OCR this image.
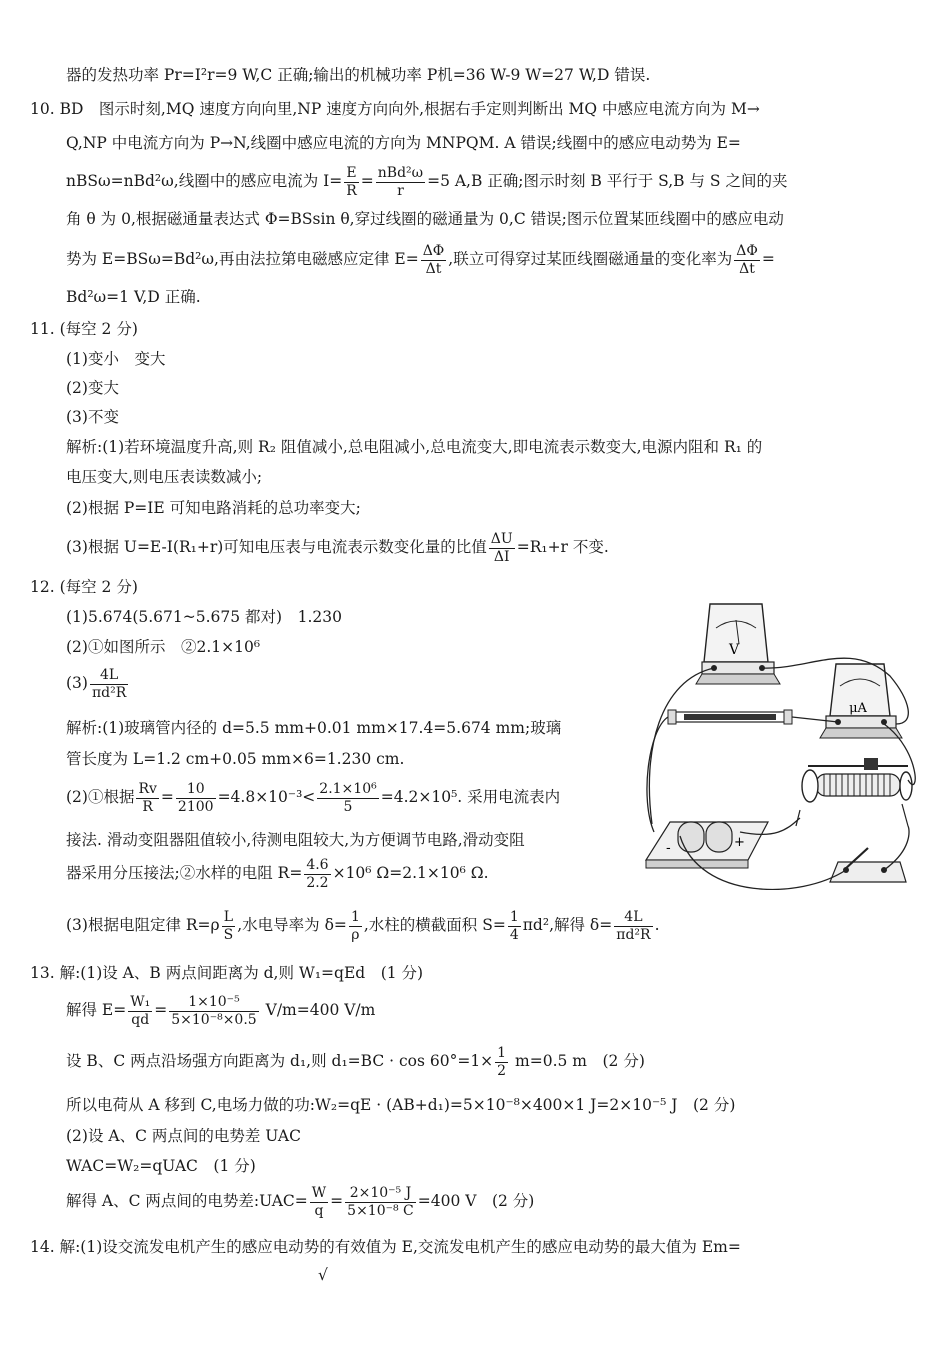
器的发热功率 Pr=I²r=9 W,C 正确;输出的机械功率 P机=36 W-9 W=27 W,D 错误.
10. BD　图示时刻,MQ 速度方向向里,NP 速度方向向外,根据右手定则判断出 MQ 中感应电流方向为 M→
Q,NP 中电流方向为 P→N,线圈中感应电流的方向为 MNPQM. A 错误;线圈中的感应电动势为 E=
nBSω=nBd²ω,线圈中的感应电流为 $I= \frac{E}{R} = \frac{\text{nBd²ω}}{r} =5$ A,B 正确;图示时刻 B 平行于 S,B 与 S 之间的夹
角 θ 为 0,根据磁通量表达式 Φ=BSsin θ,穿过线圈的磁通量为 0,C 错误;图示位置某匝线圈中的感应电动
势为 E=BSω=Bd²ω,再由法拉第电磁感应定律 $E= \frac{\Delta\Phi}{\Delta t}$ ,联立可得穿过某匝线圈磁通量的变化率为 $\frac{\Delta\Phi}{\Delta t}$ =
Bd²ω=1 V,D 正确.
11. (每空 2 分)
(1)变小　变大
(2)变大
(3)不变
解析:(1)若环境温度升高,则 R₂ 阻值减小,总电阻减小,总电流变大,即电流表示数变大,电源内阻和 R₁ 的
电压变大,则电压表读数减小;
(2)根据 P=IE 可知电路消耗的总功率变大;
(3)根据 U=E-I(R₁+r)可知电压表与电流表示数变化量的比值 $\frac{\Delta U}{\Delta I} =R_1+r$ 不变.
12. (每空 2 分)
(1)5.674(5.671~5.675 都对)　1.230
(2)①如图所示　②2.1×10⁶
$(3) \frac{4L}{\text{πd²R}}$
解析:(1)玻璃管内径的 d=5.5 mm+0.01 mm×17.4=5.674 mm;玻璃
管长度为 L=1.2 cm+0.05 mm×6=1.230 cm.
(2)①根据 $\frac{Rv}{R} = \frac{10}{2100} =4.8\times 10^{-3}< \frac{\text{2.1×10⁶}}{5} =4.2\times 10^5$. 采用电流表内
接法. 滑动变阻器阻值较小,待测电阻较大,为方便调节电路,滑动变阻
器采用分压接法;②水样的电阻 $R= \frac{4.6}{2.2} \times 10^6$ Ω=2.1×10⁶ Ω.
(3)根据电阻定律 $R=\rho \frac{L}{S}$ ,水电导率为 $\delta= \frac{1}{\rho}$ ,水柱的横截面积 $S= \frac{1}{4} \pi d^2$,解得 $\delta= \frac{4L}{\text{πd²R}}$ .
13. 解:(1)设 A、B 两点间距离为 d,则 W₁=qEd　(1 分)
解得 $E= \frac{\text{W₁}}{qd} = \frac{\text{1×10⁻⁵}}{\text{5×10⁻⁸×0.5}} V/m=400$ V/m
设 B、C 两点沿场强方向距离为 d₁,则 $d_1=BC \cdot \cos 60^\circ=1\times \frac{1}{2} m=0.5$ m　(2 分)
所以电荷从 A 移到 C,电场力做的功:W₂=qE · (AB+d₁)=5×10⁻⁸×400×1 J=2×10⁻⁵ J　(2 分)
(2)设 A、C 两点间的电势差 UAC
WAC=W₂=qUAC　(1 分)
解得 A、C 两点间的电势差:UAC= $\frac{W}{q} = \frac{\text{2×10⁻⁵ J}}{\text{5×10⁻⁸ C}} =400$ V　(2 分)
14. 解:(1)设交流发电机产生的感应电动势的有效值为 E,交流发电机产生的感应电动势的最大值为 Em=
√
V
μA
+
-
